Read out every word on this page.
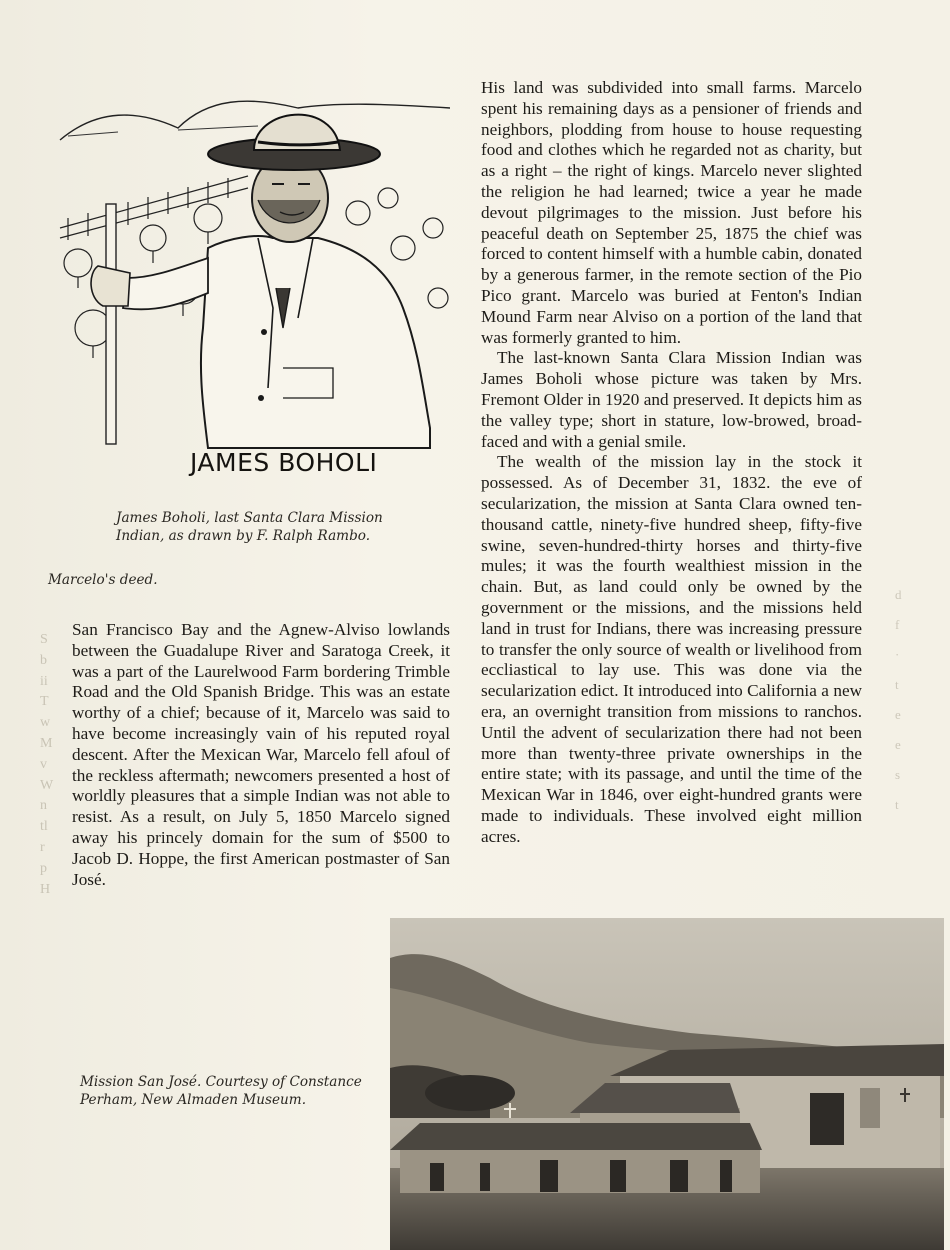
JAMES BOHOLI
James Boholi, last Santa Clara Mission Indian, as drawn by F. Ralph Rambo.
Marcelo's deed.
S
b
ii
T
w
M
v
W
n
tl
r
p
H
d
f
·
t
e
e
s
t

San Francisco Bay and the Agnew-Alviso lowlands between the Guadalupe River and Saratoga Creek, it was a part of the Laurelwood Farm bordering Trimble Road and the Old Spanish Bridge. This was an estate worthy of a chief; because of it, Marcelo was said to have become increasingly vain of his reputed royal descent. After the Mexican War, Marcelo fell afoul of the reckless aftermath; newcomers presented a host of worldly pleasures that a simple Indian was not able to resist. As a result, on July 5, 1850 Marcelo signed away his princely domain for the sum of $500 to Jacob D. Hoppe, the first American postmaster of San José.

His land was subdivided into small farms. Marcelo spent his remaining days as a pensioner of friends and neighbors, plodding from house to house requesting food and clothes which he regarded not as charity, but as a right – the right of kings. Marcelo never slighted the religion he had learned; twice a year he made devout pilgrimages to the mission. Just before his peaceful death on September 25, 1875 the chief was forced to content himself with a humble cabin, donated by a generous farmer, in the remote section of the Pio Pico grant. Marcelo was buried at Fenton's Indian Mound Farm near Alviso on a portion of the land that was formerly granted to him.

The last-known Santa Clara Mission Indian was James Boholi whose picture was taken by Mrs. Fremont Older in 1920 and preserved. It depicts him as the valley type; short in stature, low-browed, broad-faced and with a genial smile.

The wealth of the mission lay in the stock it possessed. As of December 31, 1832. the eve of secularization, the mission at Santa Clara owned ten-thousand cattle, ninety-five hundred sheep, fifty-five swine, seven-hundred-thirty horses and thirty-five mules; it was the fourth wealthiest mission in the chain. But, as land could only be owned by the government or the missions, and the missions held land in trust for Indians, there was increasing pressure to transfer the only source of wealth or livelihood from eccliastical to lay use. This was done via the secularization edict. It introduced into California a new era, an overnight transition from missions to ranchos. Until the advent of secularization there had not been more than twenty-three private ownerships in the entire state; with its passage, and until the time of the Mexican War in 1846, over eight-hundred grants were made to individuals. These involved eight million acres.

Mission San José. Courtesy of Constance Perham, New Almaden Museum.
